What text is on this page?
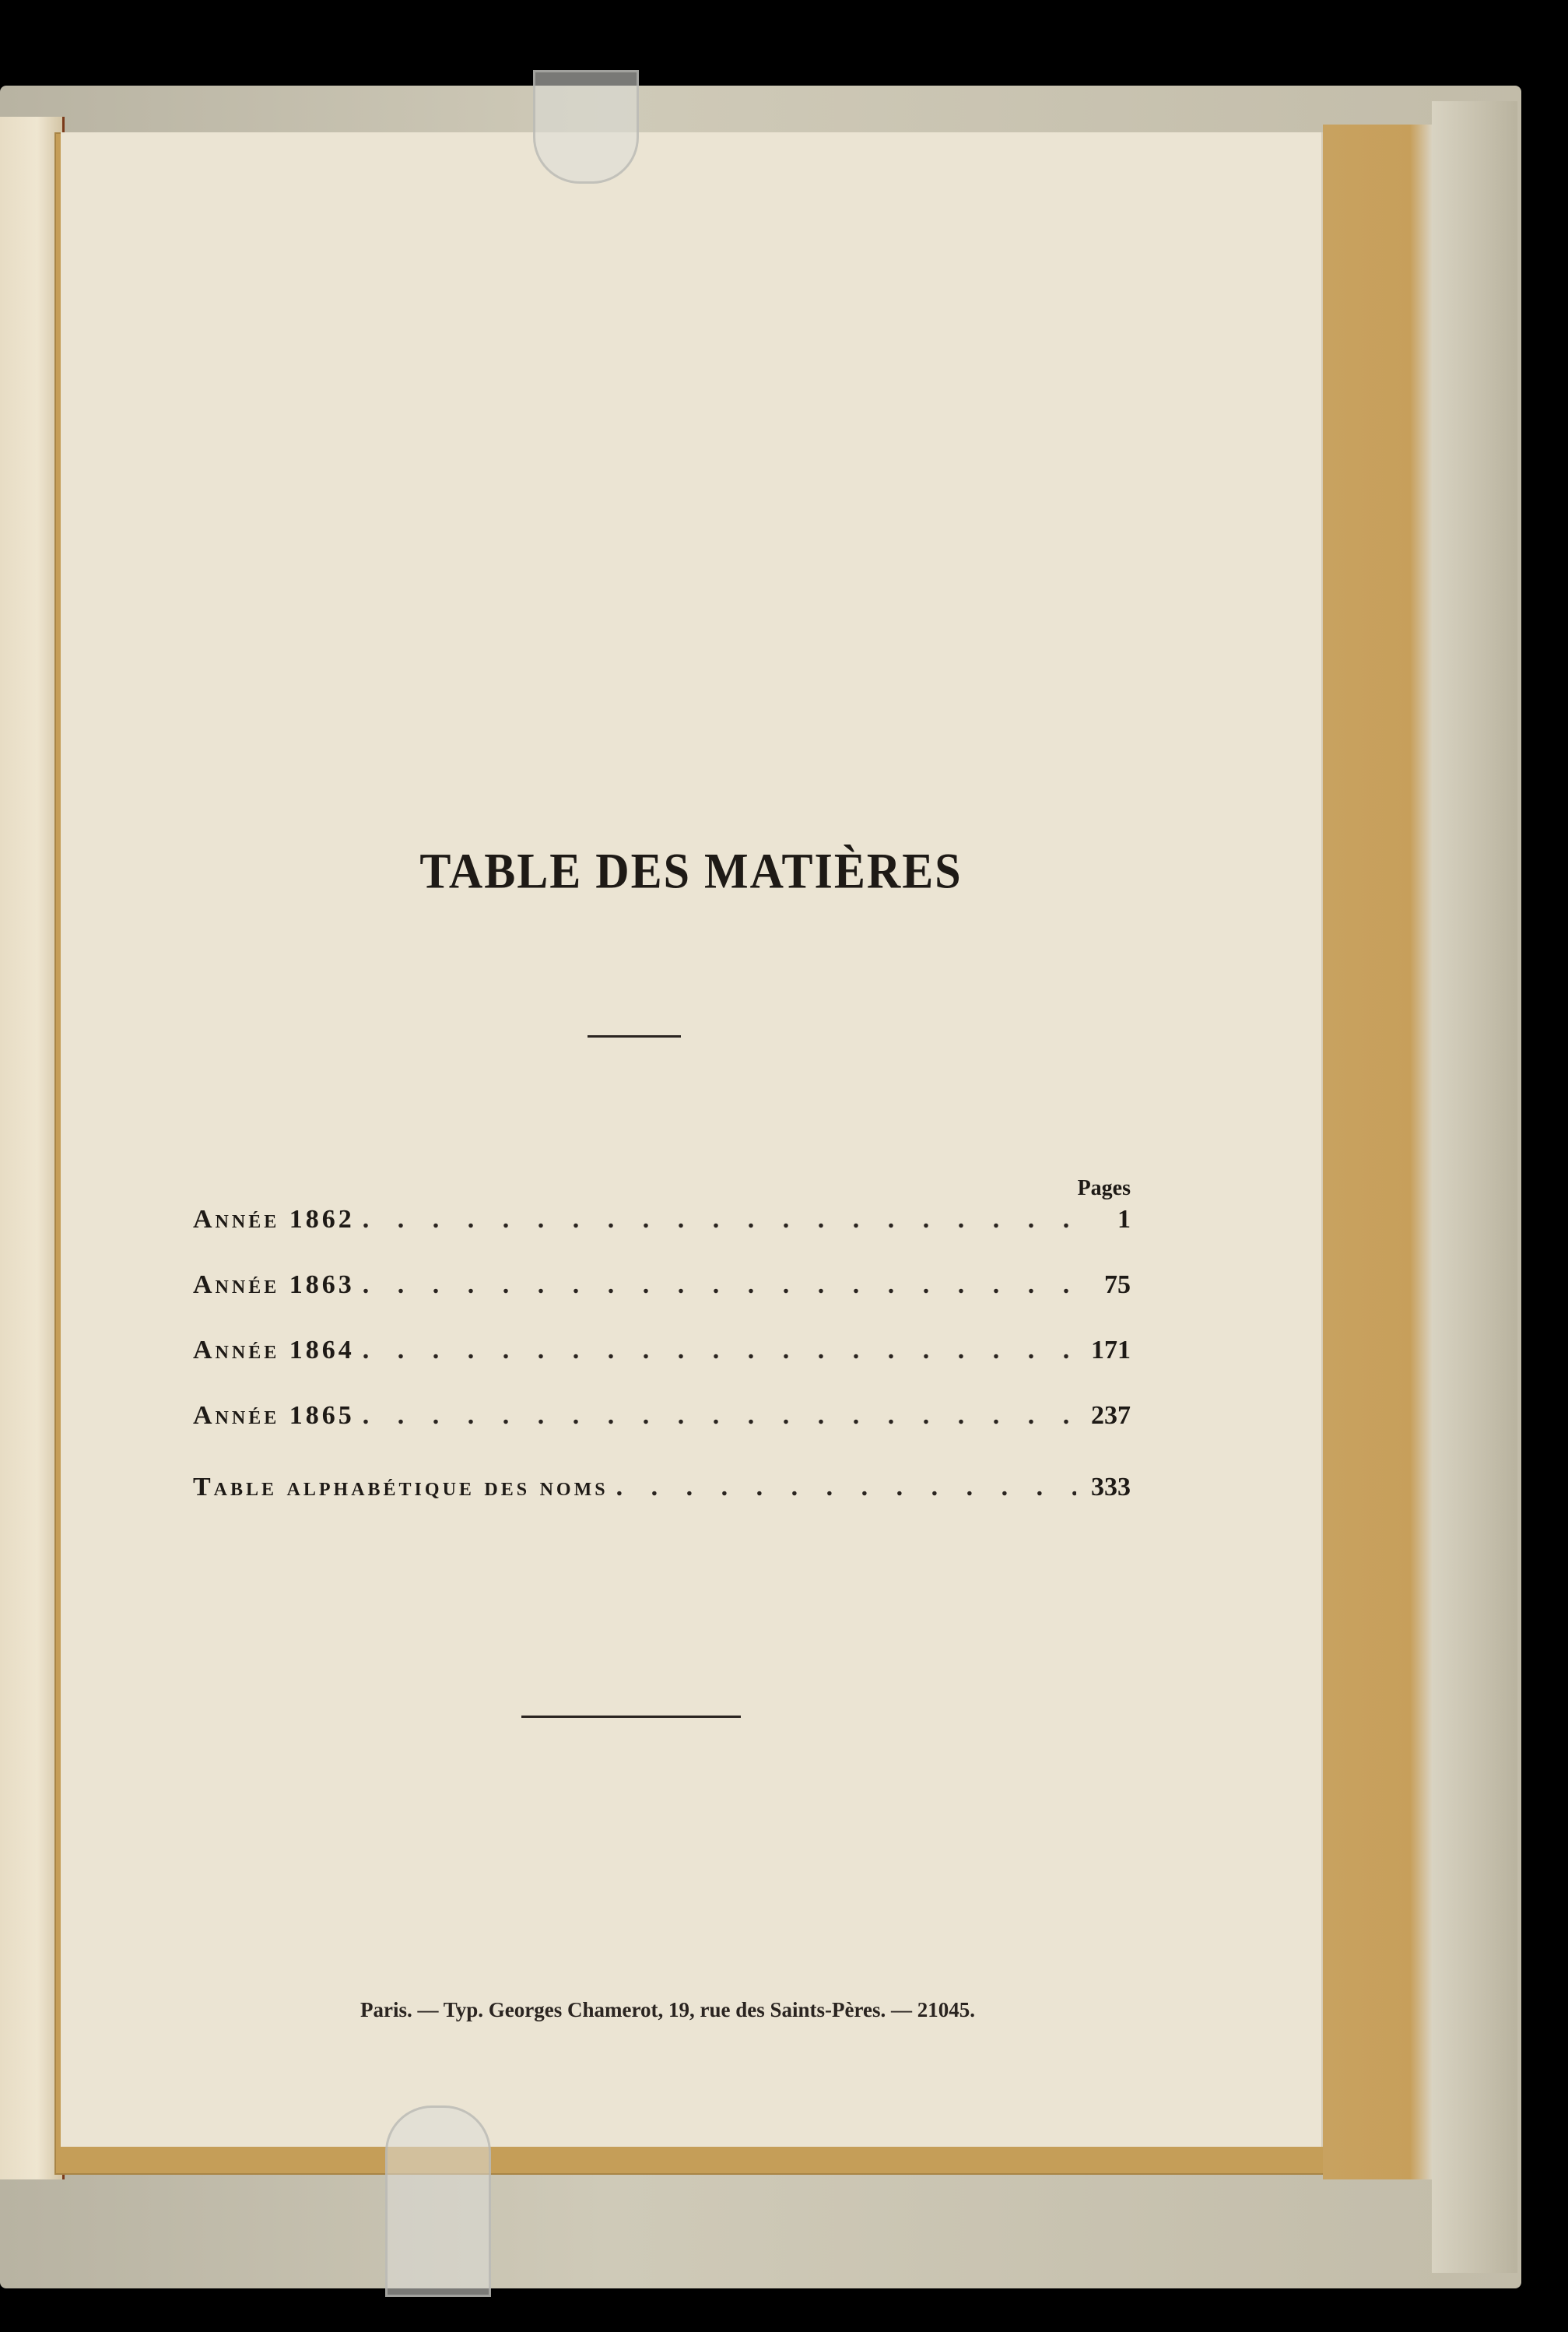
TABLE DES MATIÈRES
Pages
Année 1862 . . .	1
Année 1863 . . .	75
Année 1864 . . .	171
Année 1865 . . .	237
Table alphabétique des noms . . .	333
Paris. — Typ. Georges Chamerot, 19, rue des Saints-Pères. — 21045.
